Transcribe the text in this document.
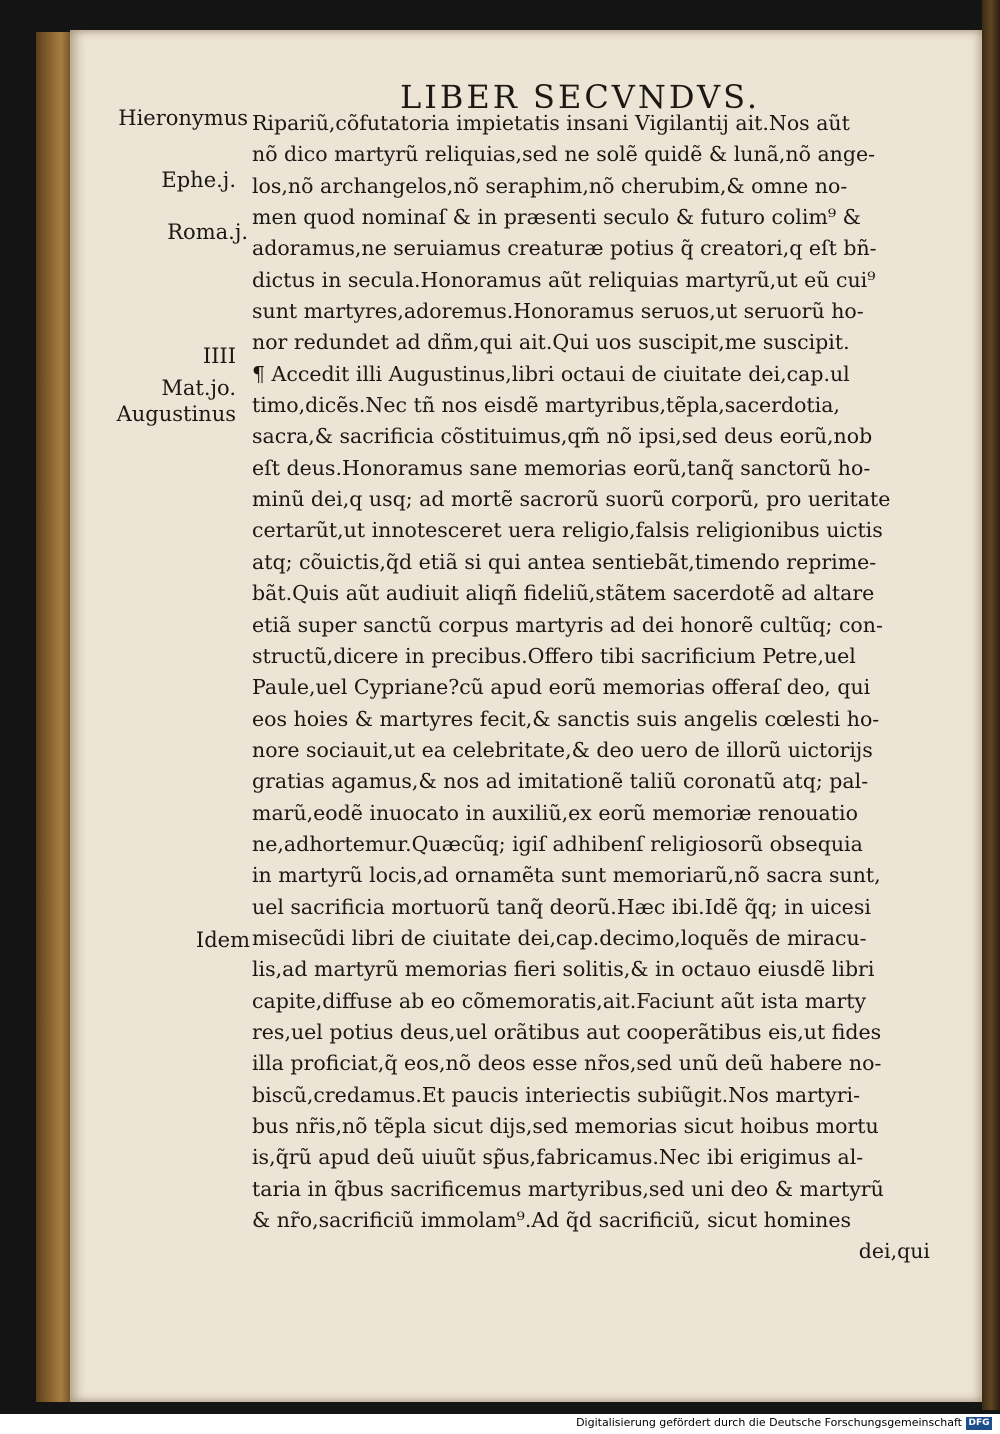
LIBER SECVNDVS.
Hieronymus
Ephe.j.
Roma.j.
IIII
Mat.jo.
Augustinus
Idem
Ripariũ,cõfutatoria impietatis insani Vigilantij ait.Nos aũt
nõ dico martyrũ reliquias,sed ne solẽ quidẽ & lunã,nõ ange-
los,nõ archangelos,nõ seraphim,nõ cherubim,& omne no-
men quod nominaſ & in præsenti seculo & futuro colim⁹ &
adoramus,ne seruiamus creaturæ potius q̃ creatori,q eſt bñ-
dictus in secula.Honoramus aũt reliquias martyrũ,ut eũ cui⁹
sunt martyres,adoremus.Honoramus seruos,ut seruorũ ho-
nor redundet ad dñm,qui ait.Qui uos suscipit,me suscipit.
¶ Accedit illi Augustinus,libri octaui de ciuitate dei,cap.ul
timo,dicẽs.Nec tñ nos eisdẽ martyribus,tẽpla,sacerdotia,
sacra,& sacrificia cõstituimus,qm̃ nõ ipsi,sed deus eorũ,nob
eſt deus.Honoramus sane memorias eorũ,tanq̃ sanctorũ ho-
minũ dei,q usq; ad mortẽ sacrorũ suorũ corporũ, pro ueritate
certarũt,ut innotesceret uera religio,falsis religionibus uictis
atq; cõuictis,q̃d etiã si qui antea sentiebãt,timendo reprime-
bãt.Quis aũt audiuit aliqñ fideliũ,stãtem sacerdotẽ ad altare
etiã super sanctũ corpus martyris ad dei honorẽ cultũq; con-
structũ,dicere in precibus.Offero tibi sacrificium Petre,uel
Paule,uel Cypriane?cũ apud eorũ memorias offeraſ deo, qui
eos hoies & martyres fecit,& sanctis suis angelis cœlesti ho-
nore sociauit,ut ea celebritate,& deo uero de illorũ uictorijs
gratias agamus,& nos ad imitationẽ taliũ coronatũ atq; pal-
marũ,eodẽ inuocato in auxiliũ,ex eorũ memoriæ renouatio
ne,adhortemur.Quæcũq; igiſ adhibenſ religiosorũ obsequia
in martyrũ locis,ad ornamẽta sunt memoriarũ,nõ sacra sunt,
uel sacrificia mortuorũ tanq̃ deorũ.Hæc ibi.Idẽ q̃q; in uicesi
misecũdi libri de ciuitate dei,cap.decimo,loquẽs de miracu-
lis,ad martyrũ memorias fieri solitis,& in octauo eiusdẽ libri
capite,diffuse ab eo cõmemoratis,ait.Faciunt aũt ista marty
res,uel potius deus,uel orãtibus aut cooperãtibus eis,ut fides
illa proficiat,q̃ eos,nõ deos esse nr̃os,sed unũ deũ habere no-
biscũ,credamus.Et paucis interiectis subiũgit.Nos martyri-
bus nr̃is,nõ tẽpla sicut dijs,sed memorias sicut hoibus mortu
is,q̃rũ apud deũ uiuũt sp̃us,fabricamus.Nec ibi erigimus al-
taria in q̃bus sacrificemus martyribus,sed uni deo & martyrũ
& nr̃o,sacrificiũ immolam⁹.Ad q̃d sacrificiũ, sicut homines
dei,qui
Digitalisierung gefördert durch die Deutsche Forschungsgemeinschaft DFG
